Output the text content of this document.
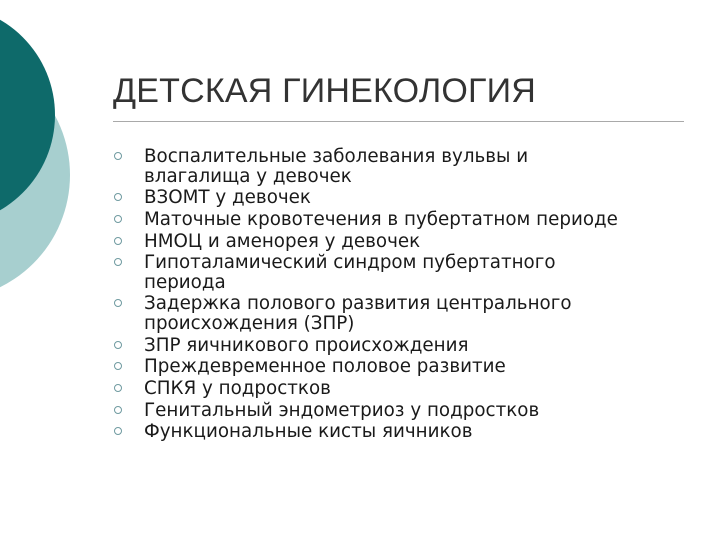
ДЕТСКАЯ ГИНЕКОЛОГИЯ
Воспалительные заболевания вульвы и
влагалища у девочек
ВЗОМТ у девочек
Маточные кровотечения в пубертатном периоде
НМОЦ и аменорея у девочек
Гипоталамический синдром пубертатного
периода
Задержка полового развития центрального
происхождения (ЗПР)
ЗПР яичникового происхождения
Преждевременное половое развитие
СПКЯ у подростков
Генитальный эндометриоз у подростков
Функциональные кисты яичников
